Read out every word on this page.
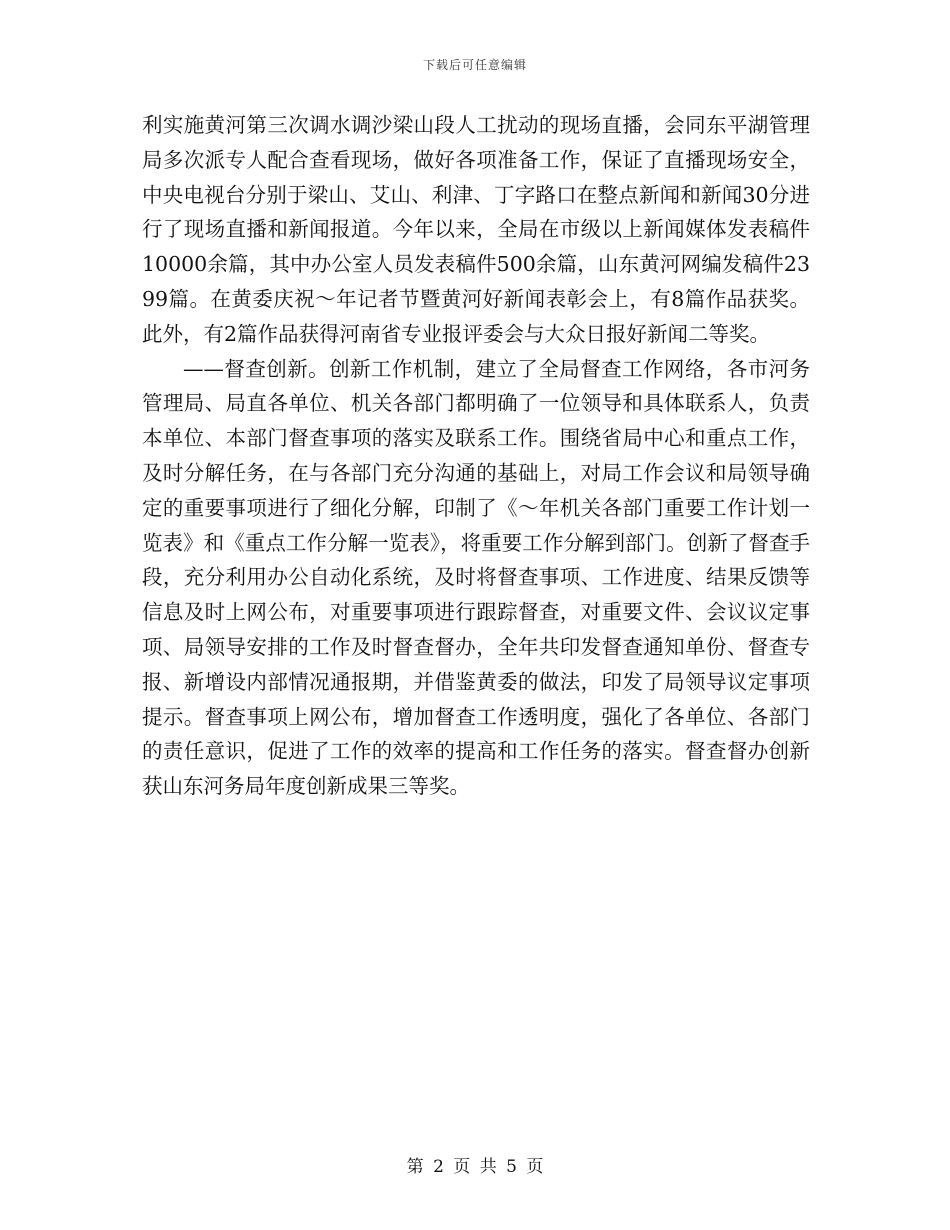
下载后可任意编辑

利实施黄河第三次调水调沙梁山段人工扰动的现场直播，会同东平湖管理局多次派专人配合查看现场，做好各项准备工作，保证了直播现场安全，中央电视台分别于梁山、艾山、利津、丁字路口在整点新闻和新闻30分进行了现场直播和新闻报道。今年以来，全局在市级以上新闻媒体发表稿件10000余篇，其中办公室人员发表稿件500余篇，山东黄河网编发稿件2399篇。在黄委庆祝～年记者节暨黄河好新闻表彰会上，有8篇作品获奖。此外，有2篇作品获得河南省专业报评委会与大众日报好新闻二等奖。

——督查创新。创新工作机制，建立了全局督查工作网络，各市河务管理局、局直各单位、机关各部门都明确了一位领导和具体联系人，负责本单位、本部门督查事项的落实及联系工作。围绕省局中心和重点工作，及时分解任务，在与各部门充分沟通的基础上，对局工作会议和局领导确定的重要事项进行了细化分解，印制了《～年机关各部门重要工作计划一览表》和《重点工作分解一览表》，将重要工作分解到部门。创新了督查手段，充分利用办公自动化系统，及时将督查事项、工作进度、结果反馈等信息及时上网公布，对重要事项进行跟踪督查，对重要文件、会议议定事项、局领导安排的工作及时督查督办，全年共印发督查通知单份、督查专报、新增设内部情况通报期，并借鉴黄委的做法，印发了局领导议定事项提示。督查事项上网公布，增加督查工作透明度，强化了各单位、各部门的责任意识，促进了工作的效率的提高和工作任务的落实。督查督办创新获山东河务局年度创新成果三等奖。

第 2 页 共 5 页
